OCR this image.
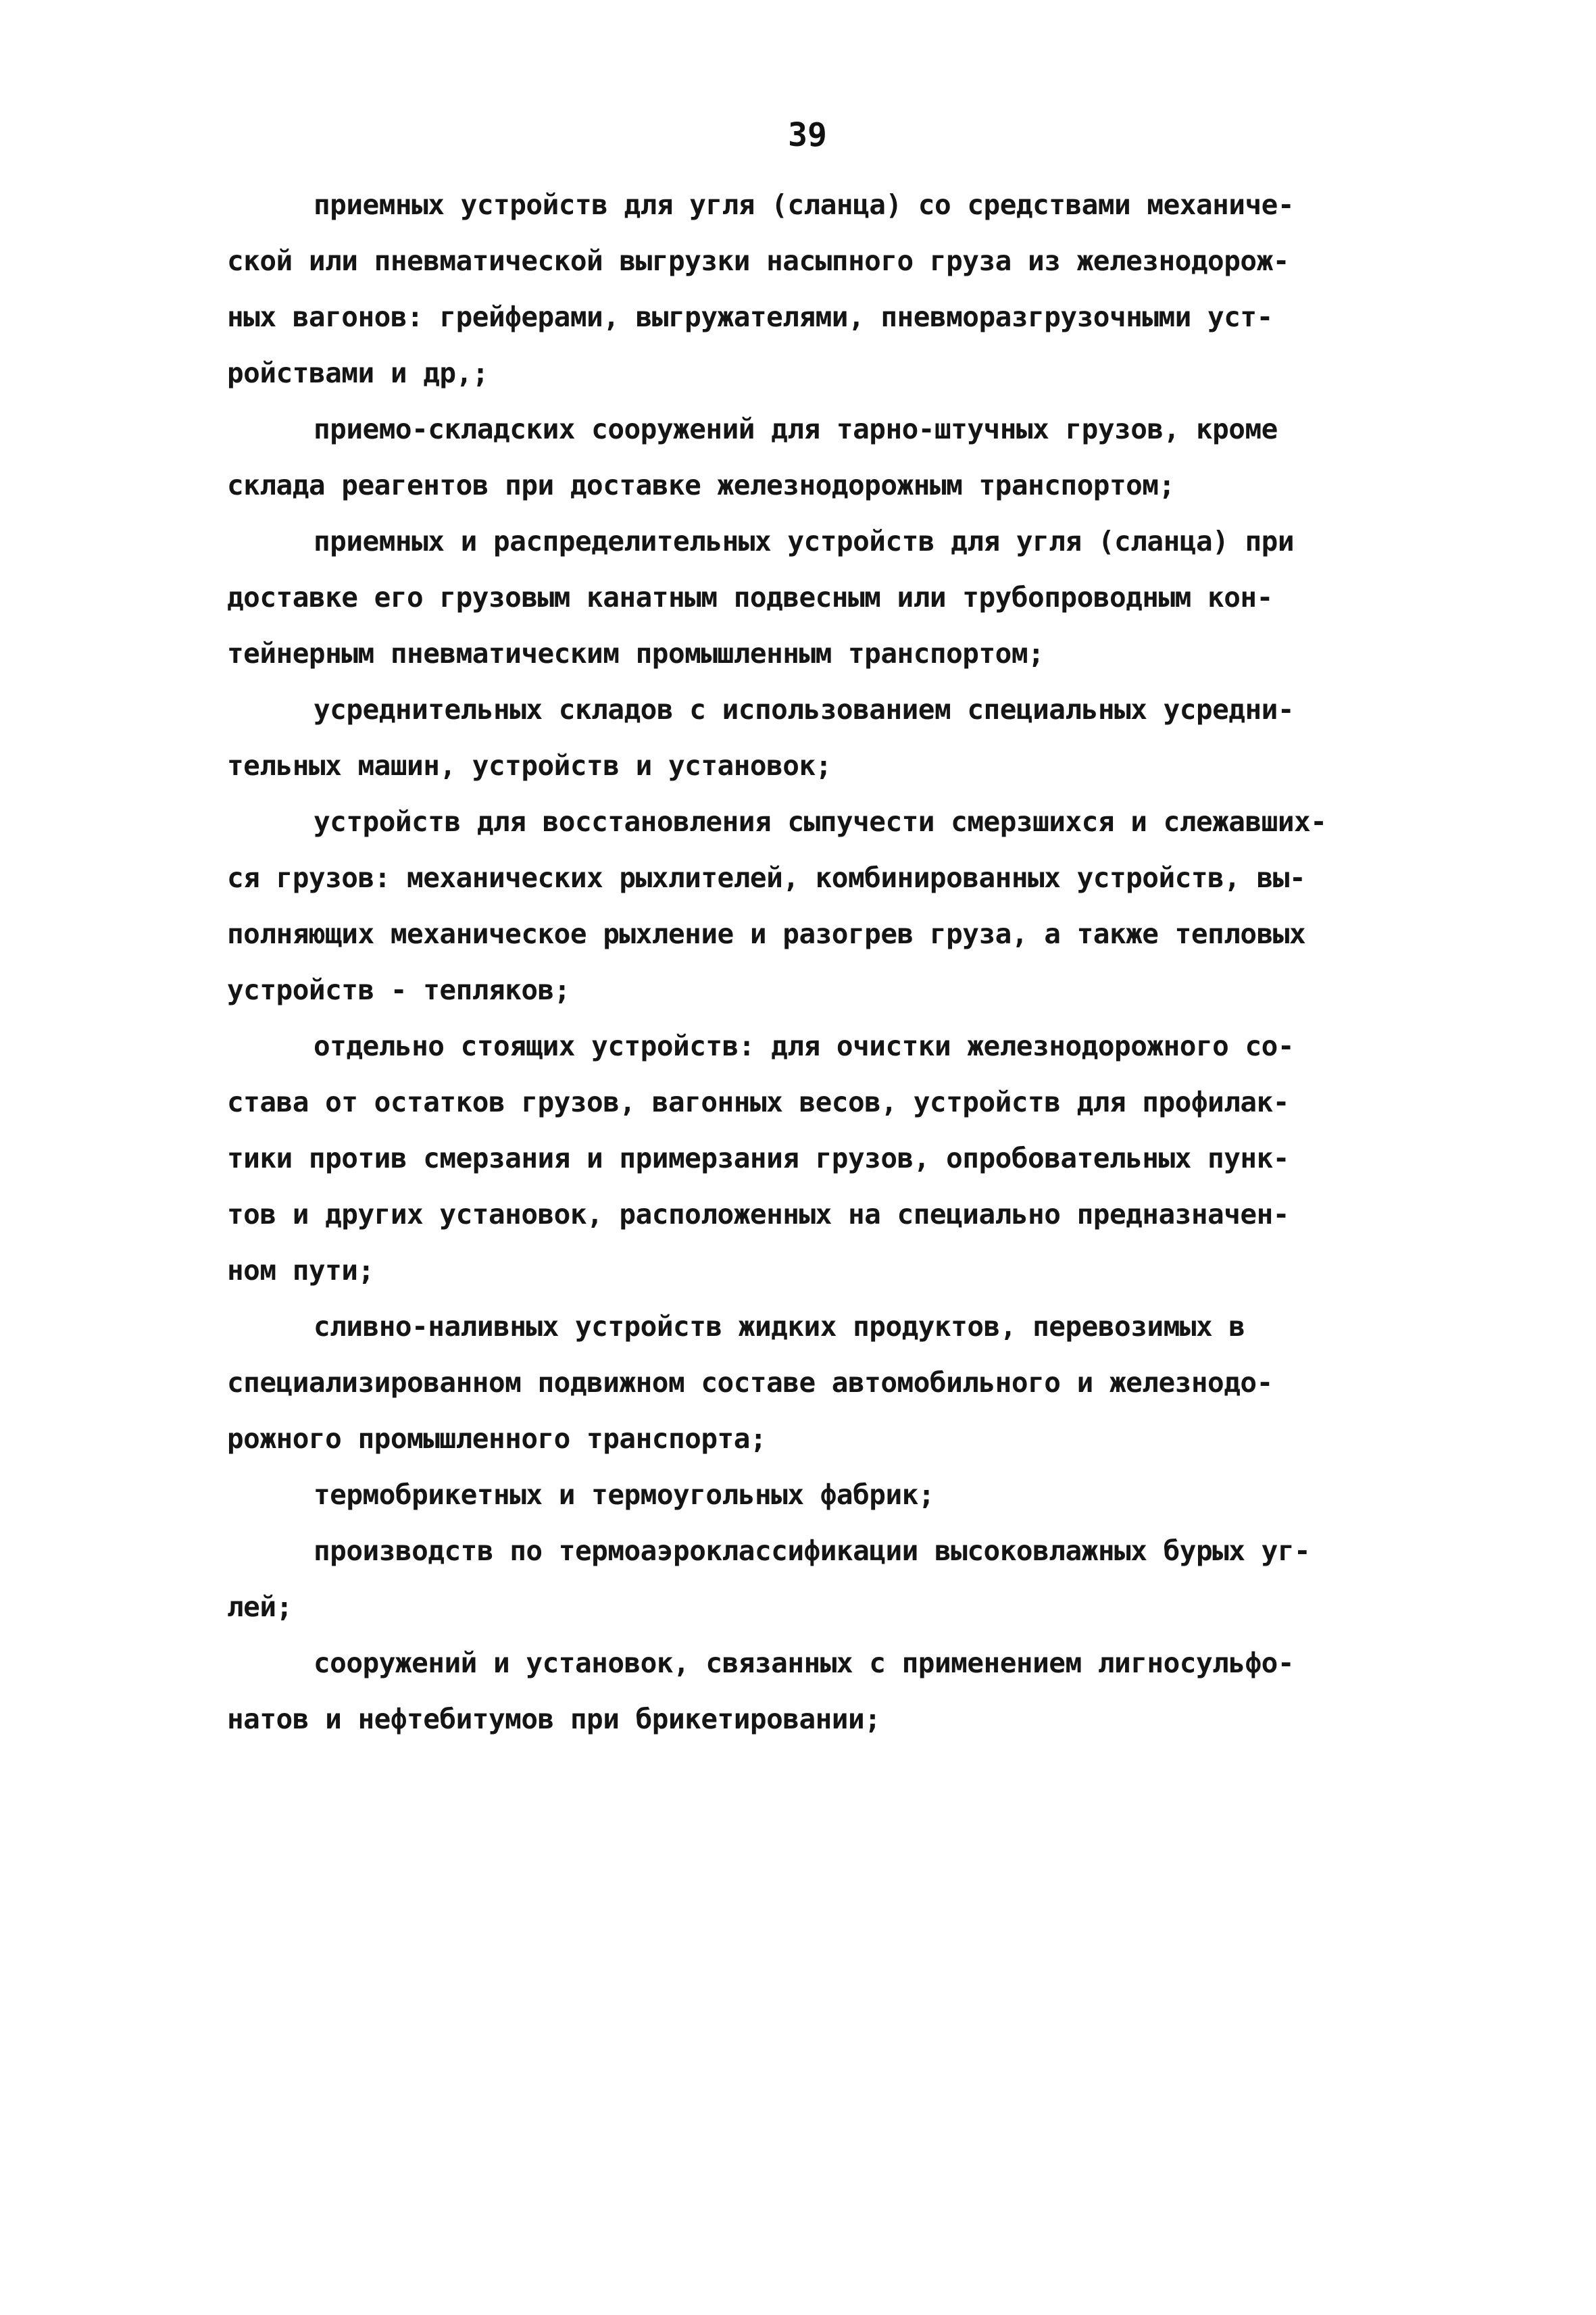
39
приемных устройств для угля (сланца) со средствами механиче-
ской или пневматической выгрузки насыпного груза из железнодорож-
ных вагонов: грейферами, выгружателями, пневморазгрузочными уст-
ройствами и др,;
приемо-складских сооружений для тарно-штучных грузов, кроме
склада реагентов при доставке железнодорожным транспортом;
приемных и распределительных устройств для угля (сланца) при
доставке его грузовым канатным подвесным или трубопроводным кон-
тейнерным пневматическим промышленным транспортом;
усреднительных складов с использованием специальных усредни-
тельных машин, устройств и установок;
устройств для восстановления сыпучести смерзшихся и слежавших-
ся грузов: механических рыхлителей, комбинированных устройств, вы-
полняющих механическое рыхление и разогрев груза, а также тепловых
устройств - тепляков;
отдельно стоящих устройств: для очистки железнодорожного со-
става от остатков грузов, вагонных весов, устройств для профилак-
тики против смерзания и примерзания грузов, опробовательных пунк-
тов и других установок, расположенных на специально предназначен-
ном пути;
сливно-наливных устройств жидких продуктов, перевозимых в
специализированном подвижном составе автомобильного и железнодо-
рожного промышленного транспорта;
термобрикетных и термоугольных фабрик;
производств по термоаэроклассификации высоковлажных бурых уг-
лей;
сооружений и установок, связанных с применением лигносульфо-
натов и нефтебитумов при брикетировании;
